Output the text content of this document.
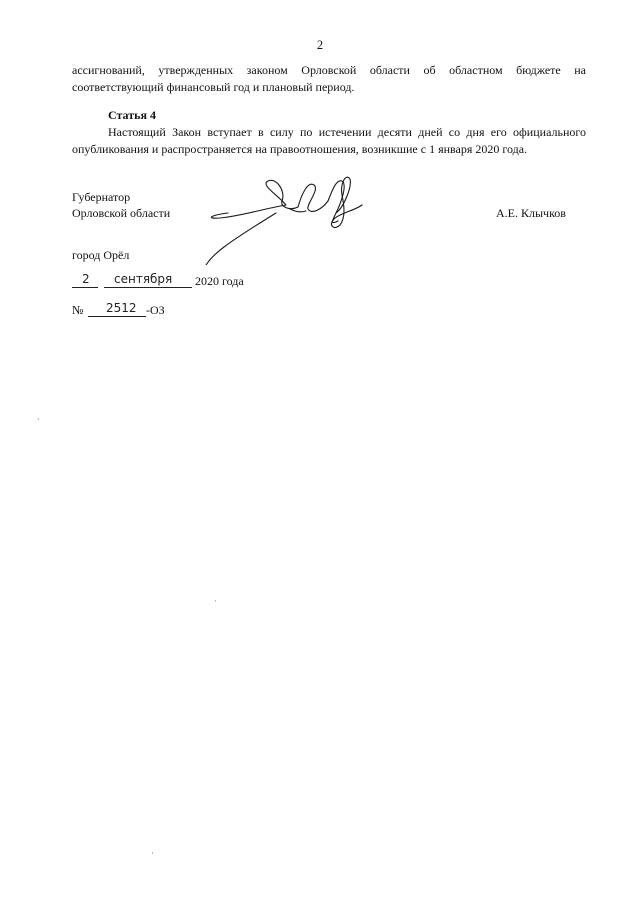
2
ассигнований, утвержденных законом Орловской области об областном бюджете на
соответствующий финансовый год и плановый период.
Статья 4
Настоящий Закон вступает в силу по истечении десяти дней со дня его официального
опубликования и распространяется на правоотношения, возникшие с 1 января 2020 года.
Губернатор
Орловской области	А.Е. Клычков
город Орёл
2 сентября 2020 года
№ 2512 -ОЗ
